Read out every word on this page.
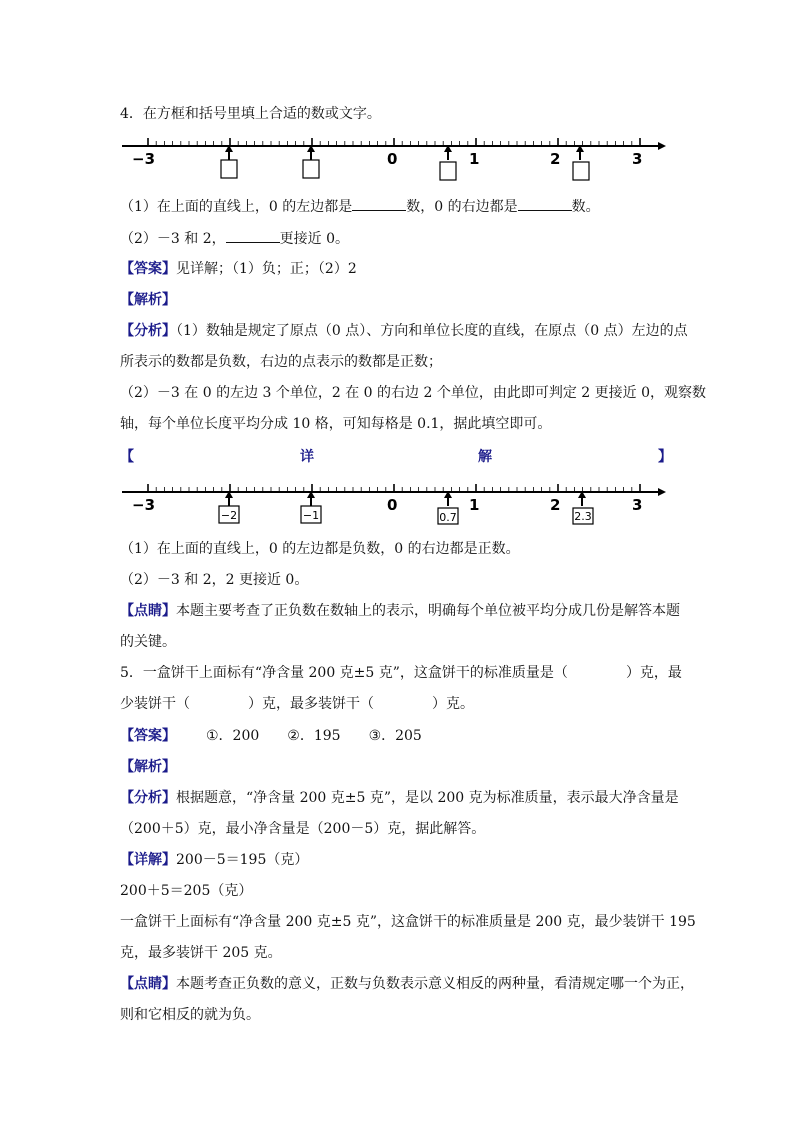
4．在方框和括号里填上合适的数或文字。
−3	0	1	2	3
（1）在上面的直线上，0 的左边都是	数，0 的右边都是	数。
（2）－3 和 2，	更接近 0。
【答案】见详解；（1）负；正；（2）2
【解析】
【分析】（1）数轴是规定了原点（0 点）、方向和单位长度的直线，在原点（0 点）左边的点
所表示的数都是负数，右边的点表示的数都是正数；
（2）－3 在 0 的左边 3 个单位，2 在 0 的右边 2 个单位，由此即可判定 2 更接近 0，观察数
轴，每个单位长度平均分成 10 格，可知每格是 0.1，据此填空即可。
【	详	解	】
−3	0	1	2	3
−2	−1	0.7	2.3
（1）在上面的直线上，0 的左边都是负数，0 的右边都是正数。
（2）－3 和 2，2 更接近 0。
【点睛】本题主要考查了正负数在数轴上的表示，明确每个单位被平均分成几份是解答本题
的关键。
5．一盒饼干上面标有“净含量 200 克±5 克”，这盒饼干的标准质量是（	）克，最
少装饼干（	）克，最多装饼干（	）克。
【答案】 ①．200 ②．195 ③．205
【解析】
【分析】根据题意，“净含量 200 克±5 克”，是以 200 克为标准质量，表示最大净含量是
（200＋5）克，最小净含量是（200－5）克，据此解答。
【详解】200－5＝195（克）
200＋5＝205（克）
一盒饼干上面标有“净含量 200 克±5 克”，这盒饼干的标准质量是 200 克，最少装饼干 195
克，最多装饼干 205 克。
【点睛】本题考查正负数的意义，正数与负数表示意义相反的两种量，看清规定哪一个为正，
则和它相反的就为负。
